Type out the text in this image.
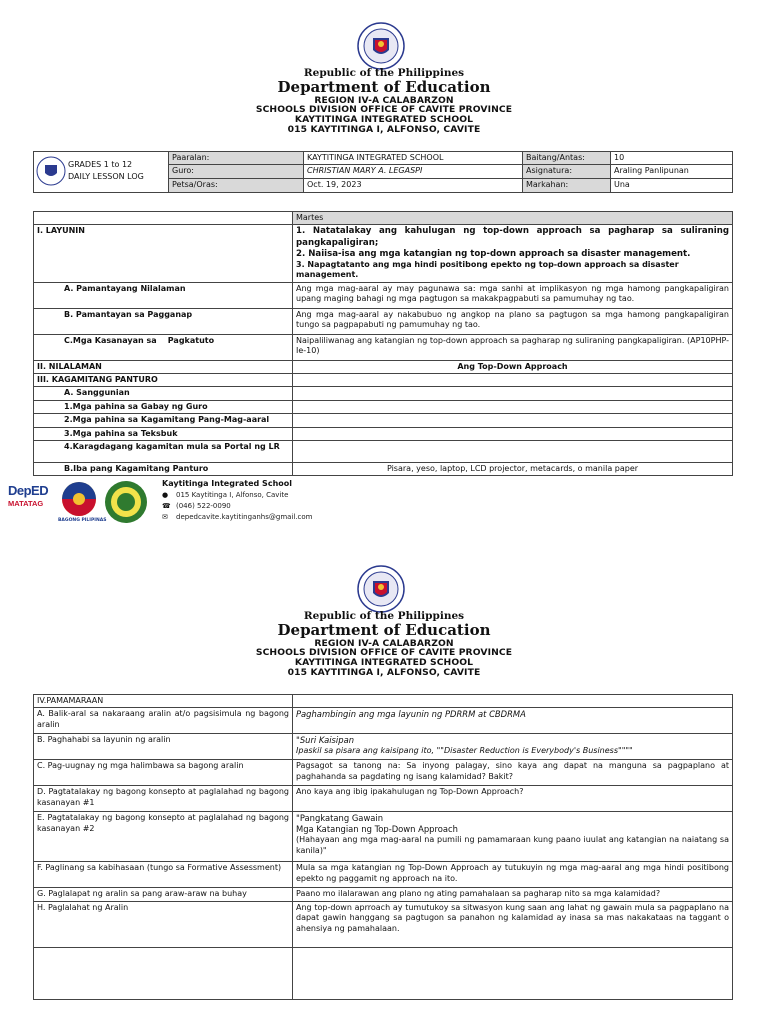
Republic of the Philippines
Department of Education
REGION IV-A CALABARZON
SCHOOLS DIVISION OFFICE OF CAVITE PROVINCE
KAYTITINGA INTEGRATED SCHOOL
015 KAYTITINGA I, ALFONSO, CAVITE
GRADES 1 to 12
DAILY LESSON LOG	Paaralan:	KAYTITINGA INTEGRATED SCHOOL	Baitang/Antas:	10
	Guro:	CHRISTIAN MARY A. LEGASPI	Asignatura:	Araling Panlipunan
	Petsa/Oras:	Oct. 19, 2023	Markahan:	Una
	Martes
I. LAYUNIN	1. Natatalakay ang kahulugan ng top-down approach sa pagharap sa suliraning pangkapaligiran;
2. Naiisa-isa ang mga katangian ng top-down approach sa disaster management.
3. Napagtatanto ang mga hindi positibong epekto ng top-down approach sa disaster management.

A. Pamantayang Nilalaman	Ang mga mag-aaral ay may pagunawa sa: mga sanhi at implikasyon ng mga hamong pangkapaligiran upang maging bahagi ng mga pagtugon sa makakpagpabuti sa pamumuhay ng tao.
B. Pamantayan sa Pagganap	Ang mga mag-aaral ay nakabubuo ng angkop na plano sa pagtugon sa mga hamong pangkapaligiran tungo sa pagpapabuti ng pamumuhay ng tao.
C.Mga Kasanayan sa    Pagkatuto	Naipaliliwanag ang katangian ng top-down approach sa pagharap ng suliraning pangkapaligiran. (AP10PHP-Ie-10)
II. NILALAMAN	Ang Top-Down Approach
III. KAGAMITANG PANTURO	
A. Sanggunian	
1.Mga pahina sa Gabay ng Guro	
2.Mga pahina sa Kagamitang Pang-Mag-aaral	
3.Mga pahina sa Teksbuk	
4.Karagdagang kagamitan mula sa Portal ng LR	
B.Iba pang Kagamitang Panturo	Pisara, yeso, laptop, LCD projector, metacards, o manila paper
DepED
MATATAG
BAGONG PILIPINAS
Kaytitinga Integrated School
● 015 Kaytitinga I, Alfonso, Cavite
☎ (046) 522-0090
✉ depedcavite.kaytitinganhs@gmail.com
Republic of the Philippines
Department of Education
REGION IV-A CALABARZON
SCHOOLS DIVISION OFFICE OF CAVITE PROVINCE
KAYTITINGA INTEGRATED SCHOOL
015 KAYTITINGA I, ALFONSO, CAVITE
IV.PAMAMARAAN	
A. Balik-aral sa nakaraang aralin at/o pagsisimula ng bagong aralin	Paghambingin ang mga layunin ng PDRRM at CBDRMA
B. Paghahabi sa layunin ng aralin	"Suri Kaisipan
Ipaskil sa pisara ang kaisipang ito, ""Disaster Reduction is Everybody's Business""""

C. Pag-uugnay ng mga halimbawa sa bagong aralin	Pagsagot sa tanong na: Sa inyong palagay, sino kaya ang dapat na manguna sa pagpaplano at paghahanda sa pagdating ng isang kalamidad? Bakit?
D. Pagtatalakay ng bagong konsepto at paglalahad ng bagong kasanayan #1	Ano kaya ang ibig ipakahulugan ng Top-Down Approach?
E. Pagtatalakay ng bagong konsepto at paglalahad ng bagong kasanayan #2	"Pangkatang Gawain
Mga Katangian ng Top-Down Approach
(Hahayaan ang mga mag-aaral na pumili ng pamamaraan kung paano iuulat ang katangian na naiatang sa kanila)"

F. Paglinang sa kabihasaan (tungo sa Formative Assessment)	Mula sa mga katangian ng Top-Down Approach ay tutukuyin ng mga mag-aaral ang mga hindi positibong epekto ng paggamit ng approach na ito.
G. Paglalapat ng aralin sa pang araw-araw na buhay	Paano mo ilalarawan ang plano ng ating pamahalaan sa pagharap nito sa mga kalamidad?
H. Paglalahat ng Aralin	Ang top-down aprroach ay tumutukoy sa sitwasyon kung saan ang lahat ng gawain mula sa pagpaplano na dapat gawin hanggang sa pagtugon sa panahon ng kalamidad ay inasa sa mas nakakataas na taggant o ahensiya ng pamahalaan.
